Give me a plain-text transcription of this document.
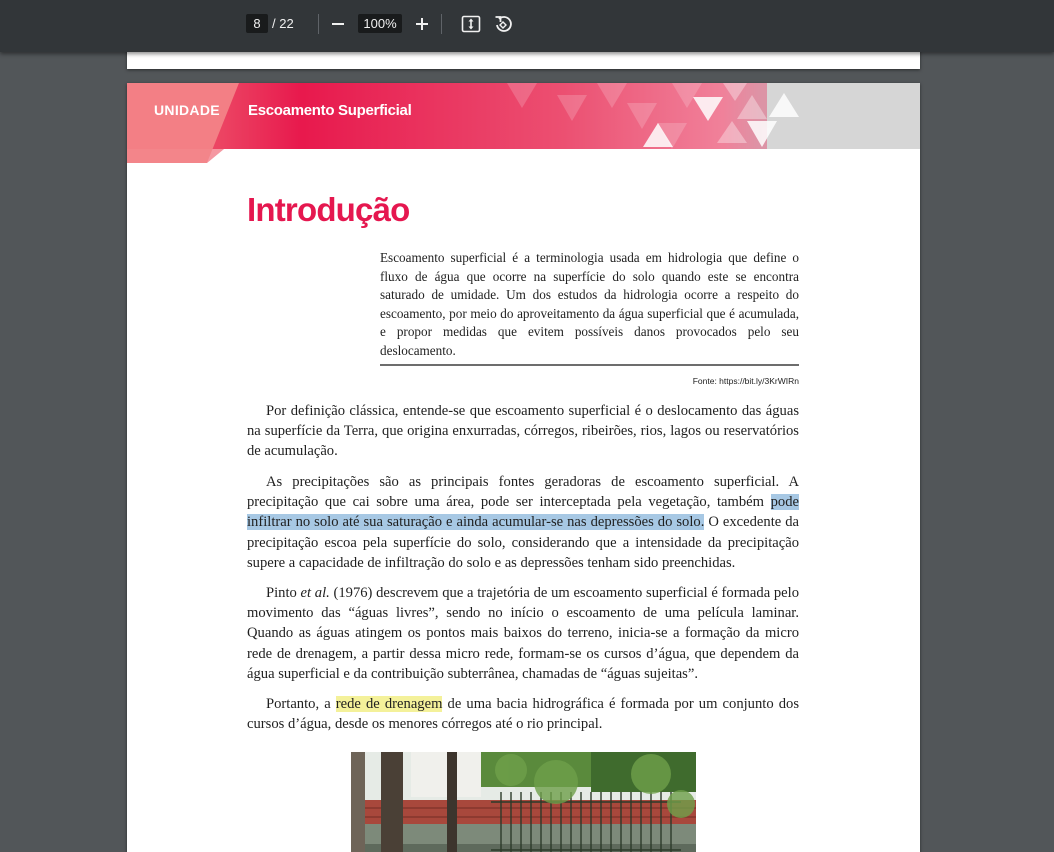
8 / 22	100%
UNIDADE Escoamento Superficial
Introdução
Escoamento superficial é a terminologia usada em hidrologia que define o fluxo de água que ocorre na superfície do solo quando este se encontra saturado de umidade. Um dos estudos da hidrologia ocorre a respeito do escoamento, por meio do aproveitamento da água superficial que é acumulada, e propor medidas que evitem possíveis danos provocados pelo seu deslocamento.
Fonte: https://bit.ly/3KrWIRn
Por definição clássica, entende-se que escoamento superficial é o deslocamento das águas na superfície da Terra, que origina enxurradas, córregos, ribeirões, rios, lagos ou reservatórios de acumulação.
As precipitações são as principais fontes geradoras de escoamento superficial. A precipitação que cai sobre uma área, pode ser interceptada pela vegetação, também pode infiltrar no solo até sua saturação e ainda acumular-se nas depressões do solo. O excedente da precipitação escoa pela superfície do solo, considerando que a intensidade da precipitação supere a capacidade de infiltração do solo e as depressões tenham sido preenchidas.
Pinto et al. (1976) descrevem que a trajetória de um escoamento superficial é formada pelo movimento das “águas livres”, sendo no início o escoamento de uma película laminar. Quando as águas atingem os pontos mais baixos do terreno, inicia-se a formação da micro rede de drenagem, a partir dessa micro rede, formam-se os cursos d’água, que dependem da água superficial e da contribuição subterrânea, chamadas de “águas sujeitas”.
Portanto, a rede de drenagem de uma bacia hidrográfica é formada por um conjunto dos cursos d’água, desde os menores córregos até o rio principal.
